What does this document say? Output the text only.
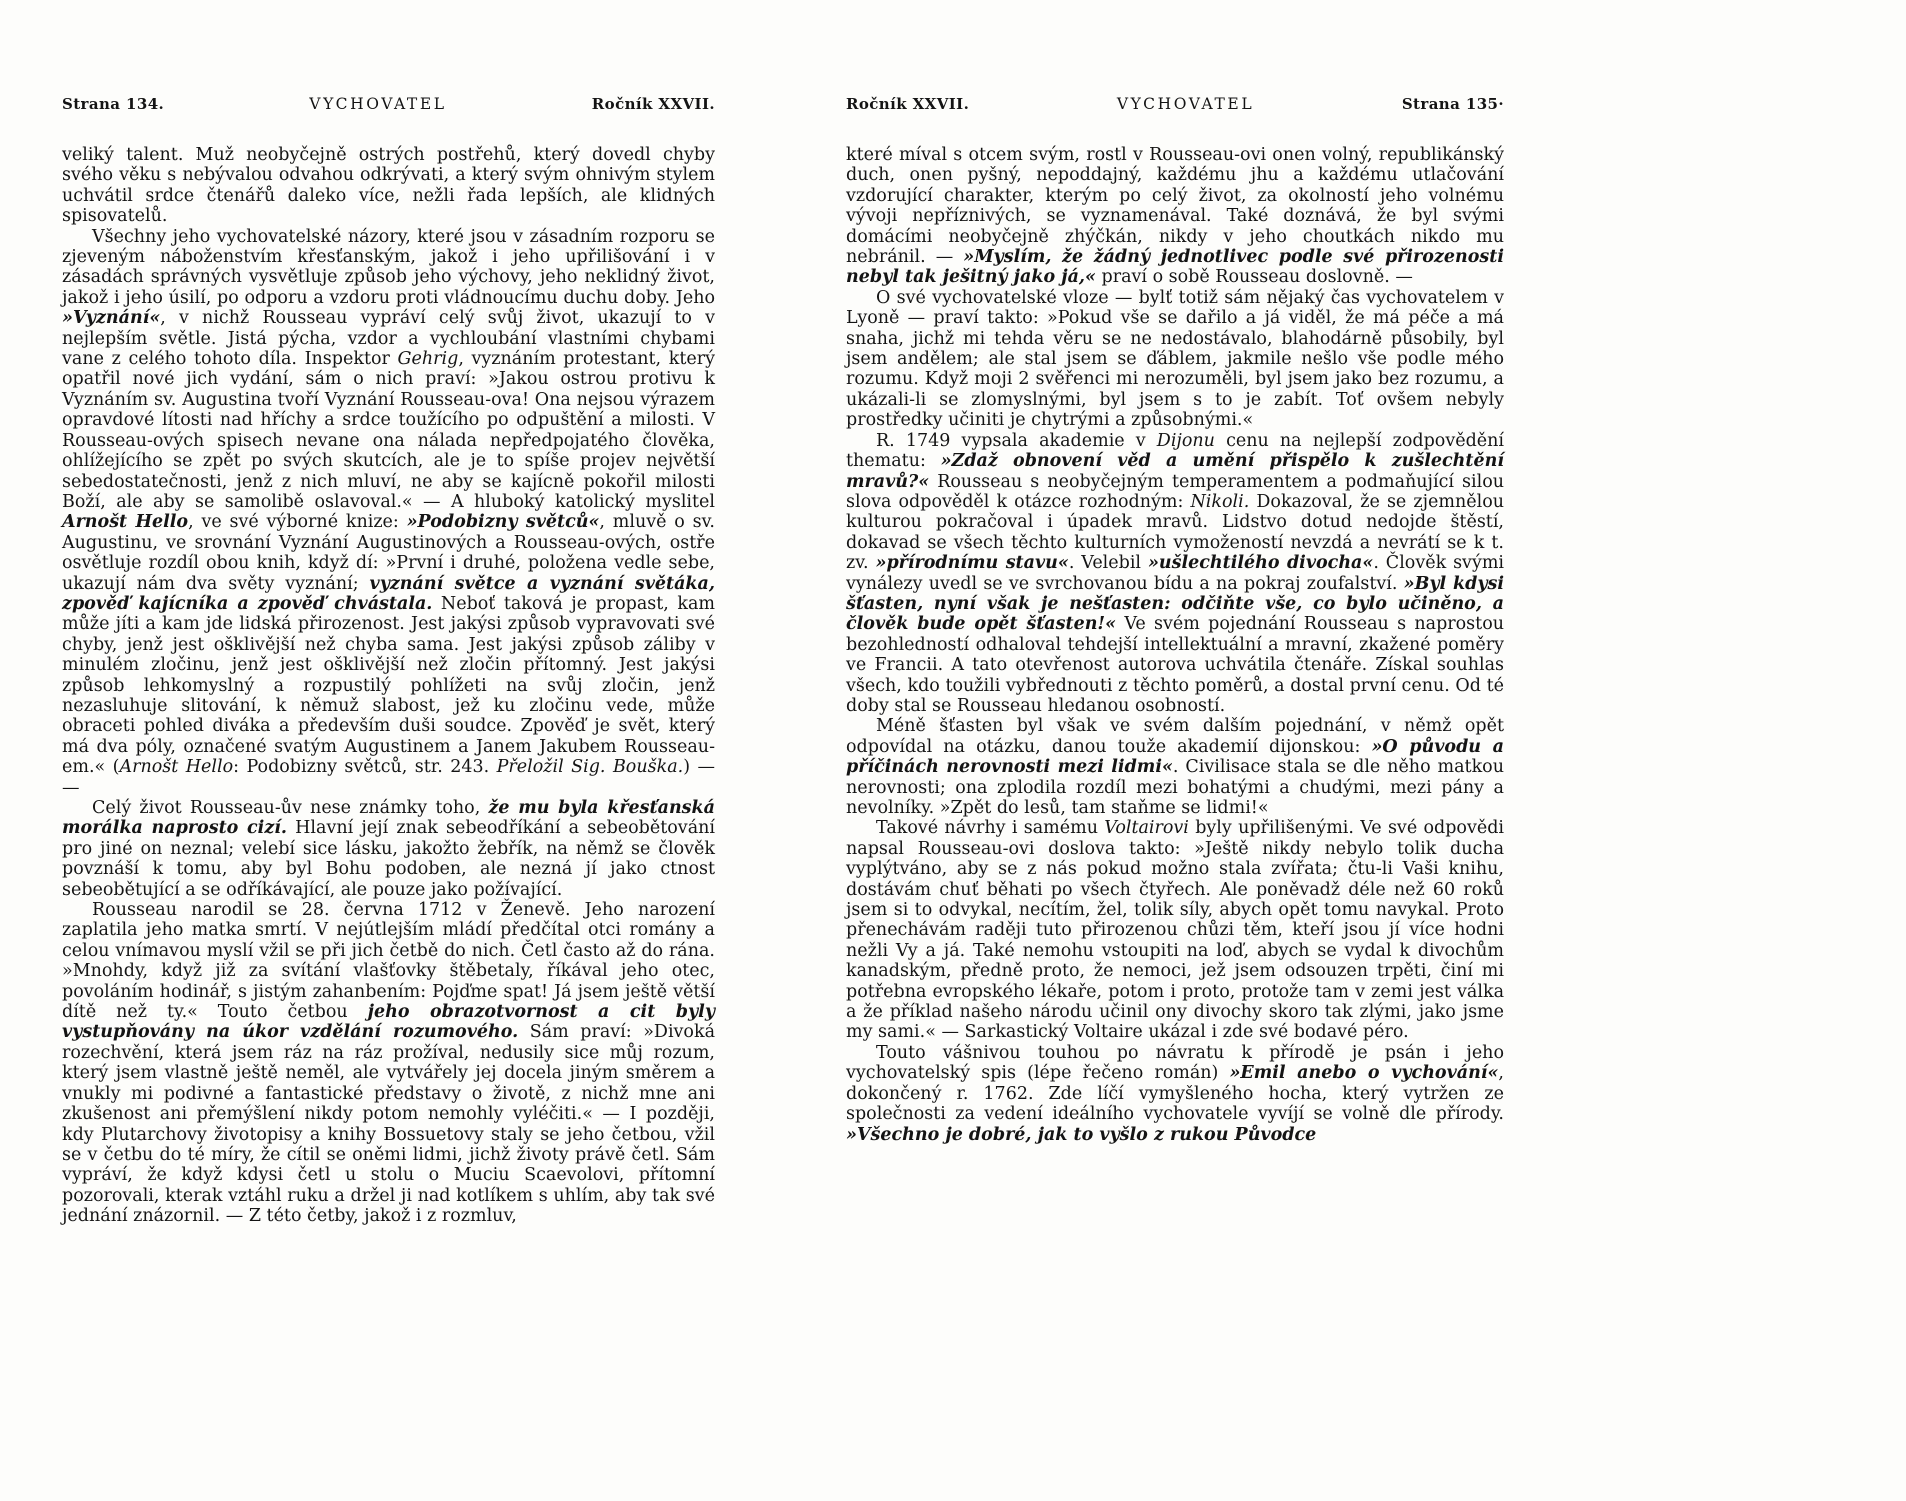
Strana 134.	VYCHOVATEL	Ročník XXVII.

veliký talent. Muž neobyčejně ostrých postřehů, který dovedl chyby svého věku s nebývalou odvahou odkrývati, a který svým ohnivým stylem uchvátil srdce čtenářů daleko více, nežli řada lepších, ale klidných spisovatelů.

Všechny jeho vychovatelské názory, které jsou v zásadním rozporu se zjeveným náboženstvím křesťanským, jakož i jeho upřilišování i v zásadách správných vysvětluje způsob jeho výchovy, jeho neklidný život, jakož i jeho úsilí, po odporu a vzdoru proti vládnoucímu duchu doby. Jeho »Vyznání«, v nichž Rousseau vypráví celý svůj život, ukazují to v nejlepším světle. Jistá pýcha, vzdor a vychloubání vlastními chybami vane z celého tohoto díla. Inspektor Gehrig, vyznáním protestant, který opatřil nové jich vydání, sám o nich praví: »Jakou ostrou protivu k Vyznáním sv. Augustina tvoří Vyznání Rousseau-ova! Ona nejsou výrazem opravdové lítosti nad hříchy a srdce toužícího po odpuštění a milosti. V Rousseau-ových spisech nevane ona nálada nepředpojatého člověka, ohlížejícího se zpět po svých skutcích, ale je to spíše projev největší sebedostatečnosti, jenž z nich mluví, ne aby se kajícně pokořil milosti Boží, ale aby se samolibě oslavoval.« — A hluboký katolický myslitel Arnošt Hello, ve své výborné knize: »Podobizny světců«, mluvě o sv. Augustinu, ve srovnání Vyznání Augustinových a Rousseau-ových, ostře osvětluje rozdíl obou knih, když dí: »První i druhé, položena vedle sebe, ukazují nám dva světy vyznání; vyznání světce a vyznání světáka, zpověď kajícníka a zpověď chvástala. Neboť taková je propast, kam může jíti a kam jde lidská přirozenost. Jest jakýsi způsob vypravovati své chyby, jenž jest ošklivější než chyba sama. Jest jakýsi způsob záliby v minulém zločinu, jenž jest ošklivější než zločin přítomný. Jest jakýsi způsob lehkomyslný a rozpustilý pohlížeti na svůj zločin, jenž nezasluhuje slitování, k němuž slabost, jež ku zločinu vede, může obraceti pohled diváka a především duši soudce. Zpověď je svět, který má dva póly, označené svatým Augustinem a Janem Jakubem Rousseau-em.« (Arnošt Hello: Podobizny světců, str. 243. Přeložil Sig. Bouška.) — —

Celý život Rousseau-ův nese známky toho, že mu byla křesťanská morálka naprosto cizí. Hlavní její znak sebeodříkání a sebeobětování pro jiné on neznal; velebí sice lásku, jakožto žebřík, na němž se člověk povznáší k tomu, aby byl Bohu podoben, ale nezná jí jako ctnost sebeobětující a se odříkávající, ale pouze jako požívající.

Rousseau narodil se 28. června 1712 v Ženevě. Jeho narození zaplatila jeho matka smrtí. V nejútlejším mládí předčítal otci romány a celou vnímavou myslí vžil se při jich četbě do nich. Četl často až do rána. »Mnohdy, když již za svítání vlašťovky štěbetaly, říkával jeho otec, povoláním hodinář, s jistým zahanbením: Pojďme spat! Já jsem ještě větší dítě než ty.« Touto četbou jeho obrazotvornost a cit byly vystupňovány na úkor vzdělání rozumového. Sám praví: »Divoká rozechvění, která jsem ráz na ráz prožíval, nedusily sice můj rozum, který jsem vlastně ještě neměl, ale vytvářely jej docela jiným směrem a vnukly mi podivné a fantastické představy o životě, z nichž mne ani zkušenost ani přemýšlení nikdy potom nemohly vyléčiti.« — I později, kdy Plutarchovy životopisy a knihy Bossuetovy staly se jeho četbou, vžil se v četbu do té míry, že cítil se oněmi lidmi, jichž životy právě četl. Sám vypráví, že když kdysi četl u stolu o Muciu Scaevolovi, přítomní pozorovali, kterak vztáhl ruku a držel ji nad kotlíkem s uhlím, aby tak své jednání znázornil. — Z této četby, jakož i z rozmluv,

Ročník XXVII.	VYCHOVATEL	Strana 135·

které míval s otcem svým, rostl v Rousseau-ovi onen volný, republikánský duch, onen pyšný, nepoddajný, každému jhu a každému utlačování vzdorující charakter, kterým po celý život, za okolností jeho volnému vývoji nepříznivých, se vyznamenával. Také doznává, že byl svými domácími neobyčejně zhýčkán, nikdy v jeho choutkách nikdo mu nebránil. — »Myslím, že žádný jednotlivec podle své přirozenosti nebyl tak ješitný jako já,« praví o sobě Rousseau doslovně. —

O své vychovatelské vloze — bylť totiž sám nějaký čas vychovatelem v Lyoně — praví takto: »Pokud vše se dařilo a já viděl, že má péče a má snaha, jichž mi tehda věru se ne nedostávalo, blahodárně působily, byl jsem andělem; ale stal jsem se ďáblem, jakmile nešlo vše podle mého rozumu. Když moji 2 svěřenci mi nerozuměli, byl jsem jako bez rozumu, a ukázali-li se zlomyslnými, byl jsem s to je zabít. Toť ovšem nebyly prostředky učiniti je chytrými a způsobnými.«

R. 1749 vypsala akademie v Dijonu cenu na nejlepší zodpovědění thematu: »Zdaž obnovení věd a umění přispělo k zušlechtění mravů?« Rousseau s neobyčejným temperamentem a podmaňující silou slova odpověděl k otázce rozhodným: Nikoli. Dokazoval, že se zjemnělou kulturou pokračoval i úpadek mravů. Lidstvo dotud nedojde štěstí, dokavad se všech těchto kulturních vymožeností nevzdá a nevrátí se k t. zv. »přírodnímu stavu«. Velebil »ušlechtilého divocha«. Člověk svými vynálezy uvedl se ve svrchovanou bídu a na pokraj zoufalství. »Byl kdysi šťasten, nyní však je nešťasten: odčiňte vše, co bylo učiněno, a člověk bude opět šťasten!« Ve svém pojednání Rousseau s naprostou bezohledností odhaloval tehdejší intellektuální a mravní, zkažené poměry ve Francii. A tato otevřenost autorova uchvátila čtenáře. Získal souhlas všech, kdo toužili vybřednouti z těchto poměrů, a dostal první cenu. Od té doby stal se Rousseau hledanou osobností.

Méně šťasten byl však ve svém dalším pojednání, v němž opět odpovídal na otázku, danou touže akademií dijonskou: »O původu a příčinách nerovnosti mezi lidmi«. Civilisace stala se dle něho matkou nerovnosti; ona zplodila rozdíl mezi bohatými a chudými, mezi pány a nevolníky. »Zpět do lesů, tam staňme se lidmi!«

Takové návrhy i samému Voltairovi byly upřilišenými. Ve své odpovědi napsal Rousseau-ovi doslova takto: »Ještě nikdy nebylo tolik ducha vyplýtváno, aby se z nás pokud možno stala zvířata; čtu-li Vaši knihu, dostávám chuť běhati po všech čtyřech. Ale poněvadž déle než 60 roků jsem si to odvykal, necítím, žel, tolik síly, abych opět tomu navykal. Proto přenechávám raději tuto přirozenou chůzi těm, kteří jsou jí více hodni nežli Vy a já. Také nemohu vstoupiti na loď, abych se vydal k divochům kanadským, předně proto, že nemoci, jež jsem odsouzen trpěti, činí mi potřebna evropského lékaře, potom i proto, protože tam v zemi jest válka a že příklad našeho národu učinil ony divochy skoro tak zlými, jako jsme my sami.« — Sarkastický Voltaire ukázal i zde své bodavé péro.

Touto vášnivou touhou po návratu k přírodě je psán i jeho vychovatelský spis (lépe řečeno román) »Emil anebo o vychování«, dokončený r. 1762. Zde líčí vymyšleného hocha, který vytržen ze společnosti za vedení ideálního vychovatele vyvíjí se volně dle přírody. »Všechno je dobré, jak to vyšlo z rukou Původce
